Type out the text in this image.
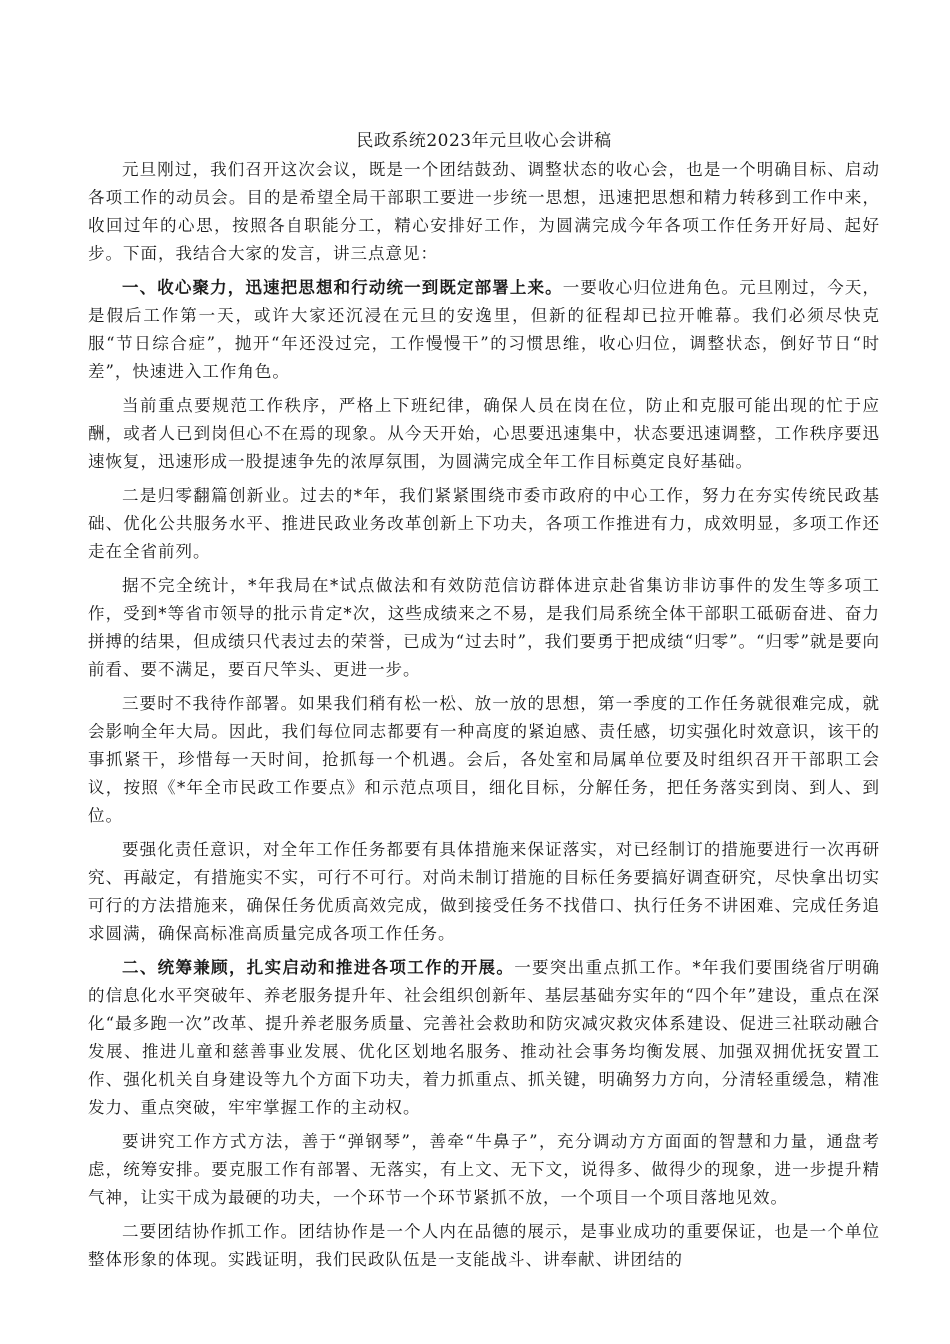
民政系统2023年元旦收心会讲稿

元旦刚过，我们召开这次会议，既是一个团结鼓劲、调整状态的收心会，也是一个明确目标、启动各项工作的动员会。目的是希望全局干部职工要进一步统一思想，迅速把思想和精力转移到工作中来，收回过年的心思，按照各自职能分工，精心安排好工作，为圆满完成今年各项工作任务开好局、起好步。下面，我结合大家的发言，讲三点意见：

一、收心聚力，迅速把思想和行动统一到既定部署上来。一要收心归位进角色。元旦刚过，今天，是假后工作第一天，或许大家还沉浸在元旦的安逸里，但新的征程却已拉开帷幕。我们必须尽快克服“节日综合症”，抛开“年还没过完，工作慢慢干”的习惯思维，收心归位，调整状态，倒好节日“时差”，快速进入工作角色。

当前重点要规范工作秩序，严格上下班纪律，确保人员在岗在位，防止和克服可能出现的忙于应酬，或者人已到岗但心不在焉的现象。从今天开始，心思要迅速集中，状态要迅速调整，工作秩序要迅速恢复，迅速形成一股提速争先的浓厚氛围，为圆满完成全年工作目标奠定良好基础。

二是归零翻篇创新业。过去的*年，我们紧紧围绕市委市政府的中心工作，努力在夯实传统民政基础、优化公共服务水平、推进民政业务改革创新上下功夫，各项工作推进有力，成效明显，多项工作还走在全省前列。

据不完全统计，*年我局在*试点做法和有效防范信访群体进京赴省集访非访事件的发生等多项工作，受到*等省市领导的批示肯定*次，这些成绩来之不易，是我们局系统全体干部职工砥砺奋进、奋力拼搏的结果，但成绩只代表过去的荣誉，已成为“过去时”，我们要勇于把成绩“归零”。“归零”就是要向前看、要不满足，要百尺竿头、更进一步。

三要时不我待作部署。如果我们稍有松一松、放一放的思想，第一季度的工作任务就很难完成，就会影响全年大局。因此，我们每位同志都要有一种高度的紧迫感、责任感，切实强化时效意识，该干的事抓紧干，珍惜每一天时间，抢抓每一个机遇。会后，各处室和局属单位要及时组织召开干部职工会议，按照《*年全市民政工作要点》和示范点项目，细化目标，分解任务，把任务落实到岗、到人、到位。

要强化责任意识，对全年工作任务都要有具体措施来保证落实，对已经制订的措施要进行一次再研究、再敲定，有措施实不实，可行不可行。对尚未制订措施的目标任务要搞好调查研究，尽快拿出切实可行的方法措施来，确保任务优质高效完成，做到接受任务不找借口、执行任务不讲困难、完成任务追求圆满，确保高标准高质量完成各项工作任务。

二、统筹兼顾，扎实启动和推进各项工作的开展。一要突出重点抓工作。*年我们要围绕省厅明确的信息化水平突破年、养老服务提升年、社会组织创新年、基层基础夯实年的“四个年”建设，重点在深化“最多跑一次”改革、提升养老服务质量、完善社会救助和防灾减灾救灾体系建设、促进三社联动融合发展、推进儿童和慈善事业发展、优化区划地名服务、推动社会事务均衡发展、加强双拥优抚安置工作、强化机关自身建设等九个方面下功夫，着力抓重点、抓关键，明确努力方向，分清轻重缓急，精准发力、重点突破，牢牢掌握工作的主动权。

要讲究工作方式方法，善于“弹钢琴”，善牵“牛鼻子”，充分调动方方面面的智慧和力量，通盘考虑，统筹安排。要克服工作有部署、无落实，有上文、无下文，说得多、做得少的现象，进一步提升精气神，让实干成为最硬的功夫，一个环节一个环节紧抓不放，一个项目一个项目落地见效。

二要团结协作抓工作。团结协作是一个人内在品德的展示，是事业成功的重要保证，也是一个单位整体形象的体现。实践证明，我们民政队伍是一支能战斗、讲奉献、讲团结的
